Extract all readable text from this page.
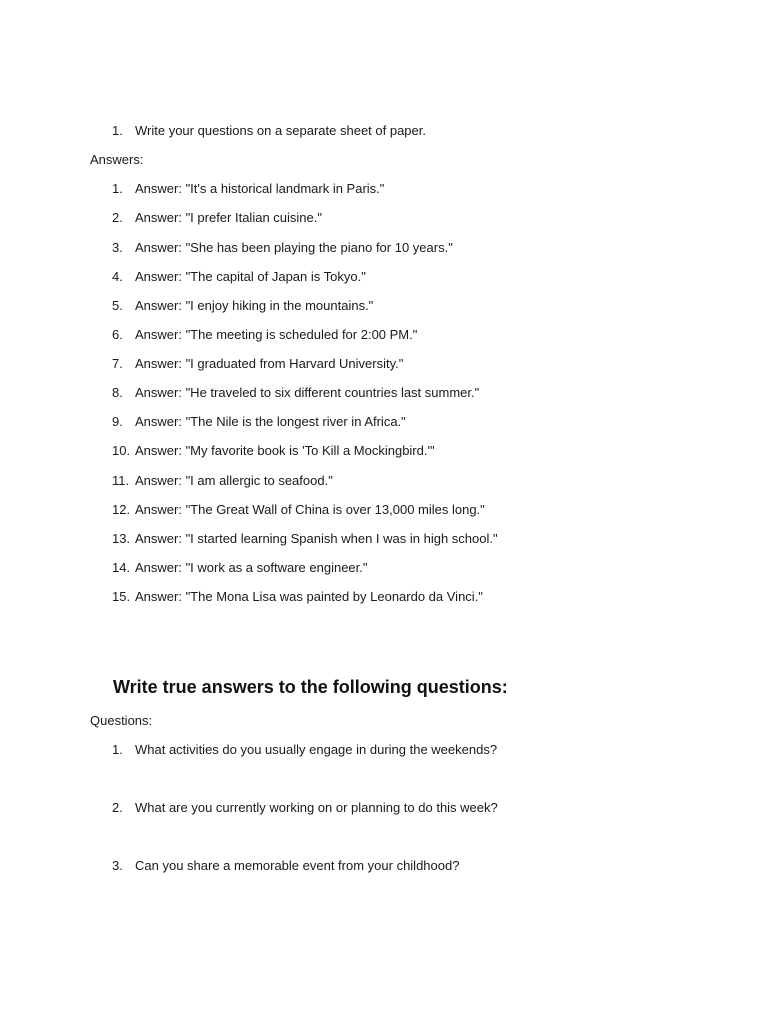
1. Write your questions on a separate sheet of paper.
Answers:
1. Answer: "It's a historical landmark in Paris."
2. Answer: "I prefer Italian cuisine."
3. Answer: "She has been playing the piano for 10 years."
4. Answer: "The capital of Japan is Tokyo."
5. Answer: "I enjoy hiking in the mountains."
6. Answer: "The meeting is scheduled for 2:00 PM."
7. Answer: "I graduated from Harvard University."
8. Answer: "He traveled to six different countries last summer."
9. Answer: "The Nile is the longest river in Africa."
10. Answer: "My favorite book is 'To Kill a Mockingbird.'"
11. Answer: "I am allergic to seafood."
12. Answer: "The Great Wall of China is over 13,000 miles long."
13. Answer: "I started learning Spanish when I was in high school."
14. Answer: "I work as a software engineer."
15. Answer: "The Mona Lisa was painted by Leonardo da Vinci."
Write true answers to the following questions:
Questions:
1. What activities do you usually engage in during the weekends?
2. What are you currently working on or planning to do this week?
3. Can you share a memorable event from your childhood?
